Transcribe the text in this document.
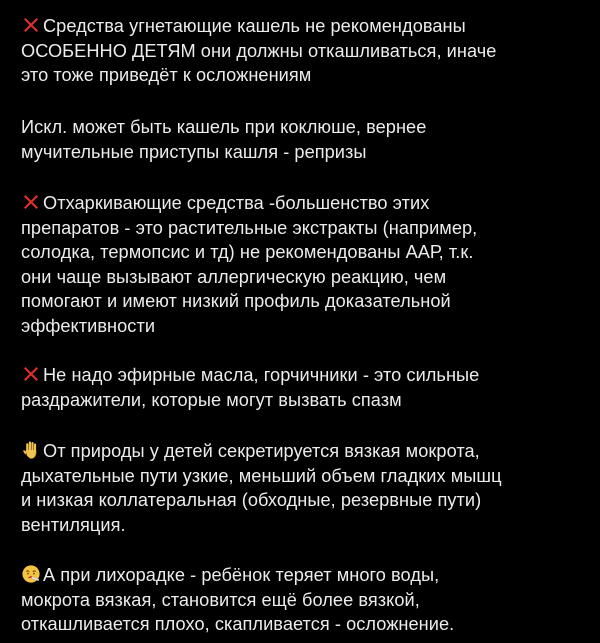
Средства угнетающие кашель не рекомендованы
ОСОБЕННО ДЕТЯМ они должны откашливаться, иначе
это тоже приведёт к осложнениям
Искл. может быть кашель при коклюше, вернее
мучительные приступы кашля - репризы
Отхаркивающие средства -большенство этих
препаратов - это растительные экстракты (например,
солодка, термопсис и тд) не рекомендованы ААР, т.к.
они чаще вызывают аллергическую реакцию, чем
помогают и имеют низкий профиль доказательной
эффективности
Не надо эфирные масла, горчичники - это сильные
раздражители, которые могут вызвать спазм
От природы у детей секретируется вязкая мокрота,
дыхательные пути узкие, меньший объем гладких мышц
и низкая коллатеральная (обходные, резервные пути)
вентиляция.
А при лихорадке - ребёнок теряет много воды,
мокрота вязкая, становится ещё более вязкой,
откашливается плохо, скапливается - осложнение.
